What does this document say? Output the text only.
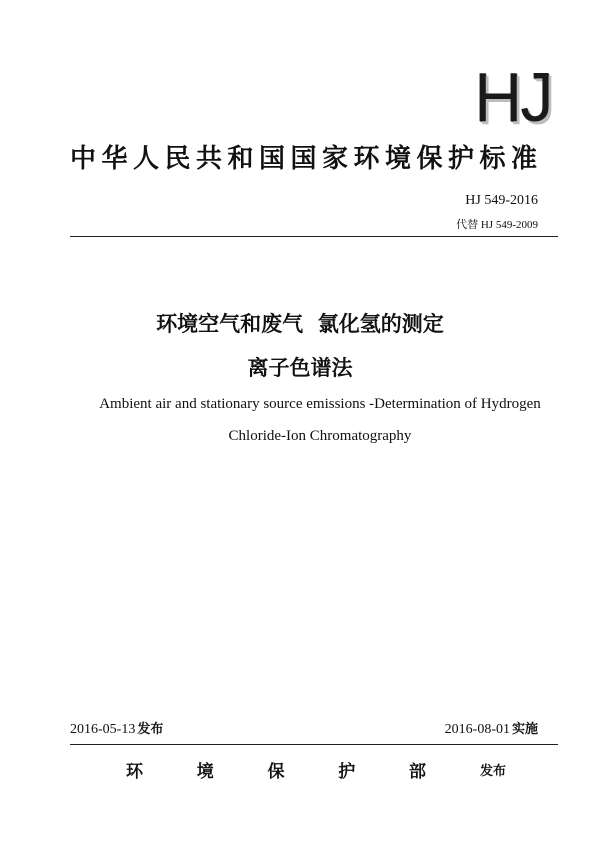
HJ
中华人民共和国国家环境保护标准
HJ 549-2016
代替 HJ 549-2009
环境空气和废气  氯化氢的测定
离子色谱法
Ambient air and stationary source emissions -Determination of Hydrogen
Chloride-Ion Chromatography
2016-05-13 发布	2016-08-01 实施
环	境	保	护	部	发布
